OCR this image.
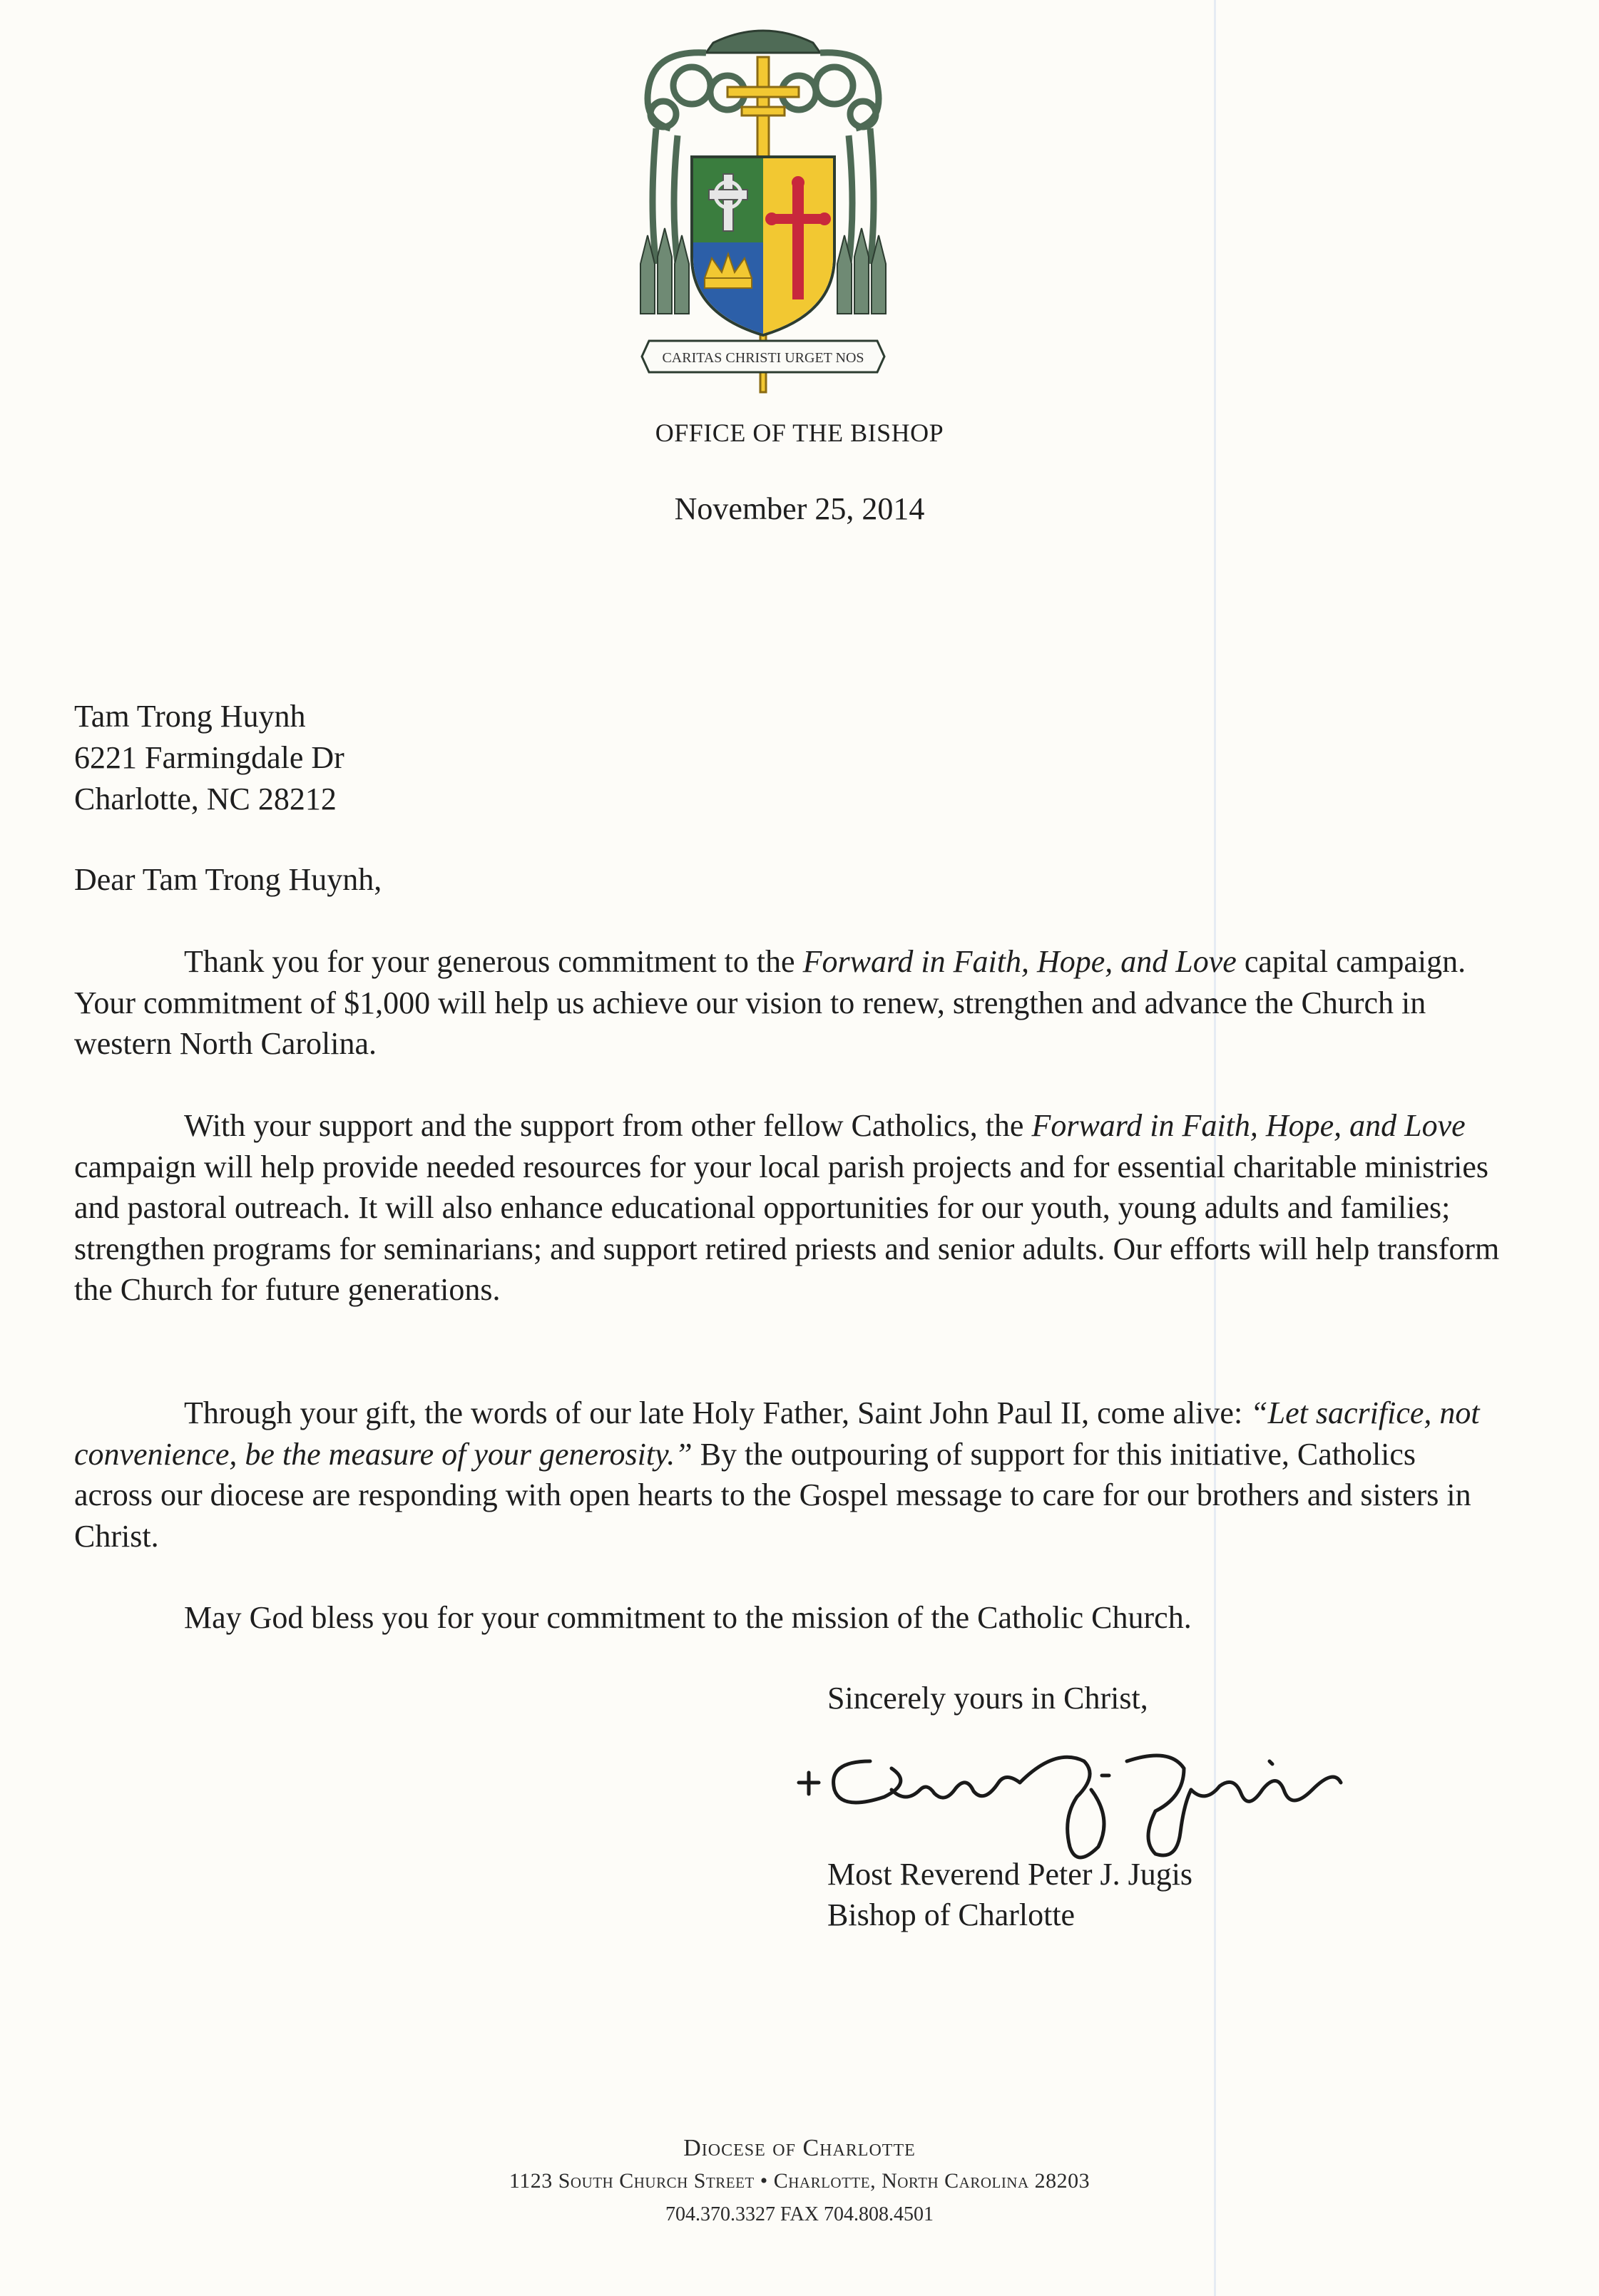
CARITAS CHRISTI URGET NOS
OFFICE OF THE BISHOP
November 25, 2014
Tam Trong Huynh
6221 Farmingdale Dr
Charlotte, NC 28212
Dear Tam Trong Huynh,

Thank you for your generous commitment to the Forward in Faith, Hope, and Love capital campaign. Your commitment of $1,000 will help us achieve our vision to renew, strengthen and advance the Church in western North Carolina.

With your support and the support from other fellow Catholics, the Forward in Faith, Hope, and Love campaign will help provide needed resources for your local parish projects and for essential charitable ministries and pastoral outreach. It will also enhance educational opportunities for our youth, young adults and families; strengthen programs for seminarians; and support retired priests and senior adults. Our efforts will help transform the Church for future generations.

Through your gift, the words of our late Holy Father, Saint John Paul II, come alive: “Let sacrifice, not convenience, be the measure of your generosity.” By the outpouring of support for this initiative, Catholics across our diocese are responding with open hearts to the Gospel message to care for our brothers and sisters in Christ.

May God bless you for your commitment to the mission of the Catholic Church.

Sincerely yours in Christ,
Most Reverend Peter J. Jugis
Bishop of Charlotte
Diocese of Charlotte
1123 South Church Street • Charlotte, North Carolina 28203
704.370.3327 FAX 704.808.4501
